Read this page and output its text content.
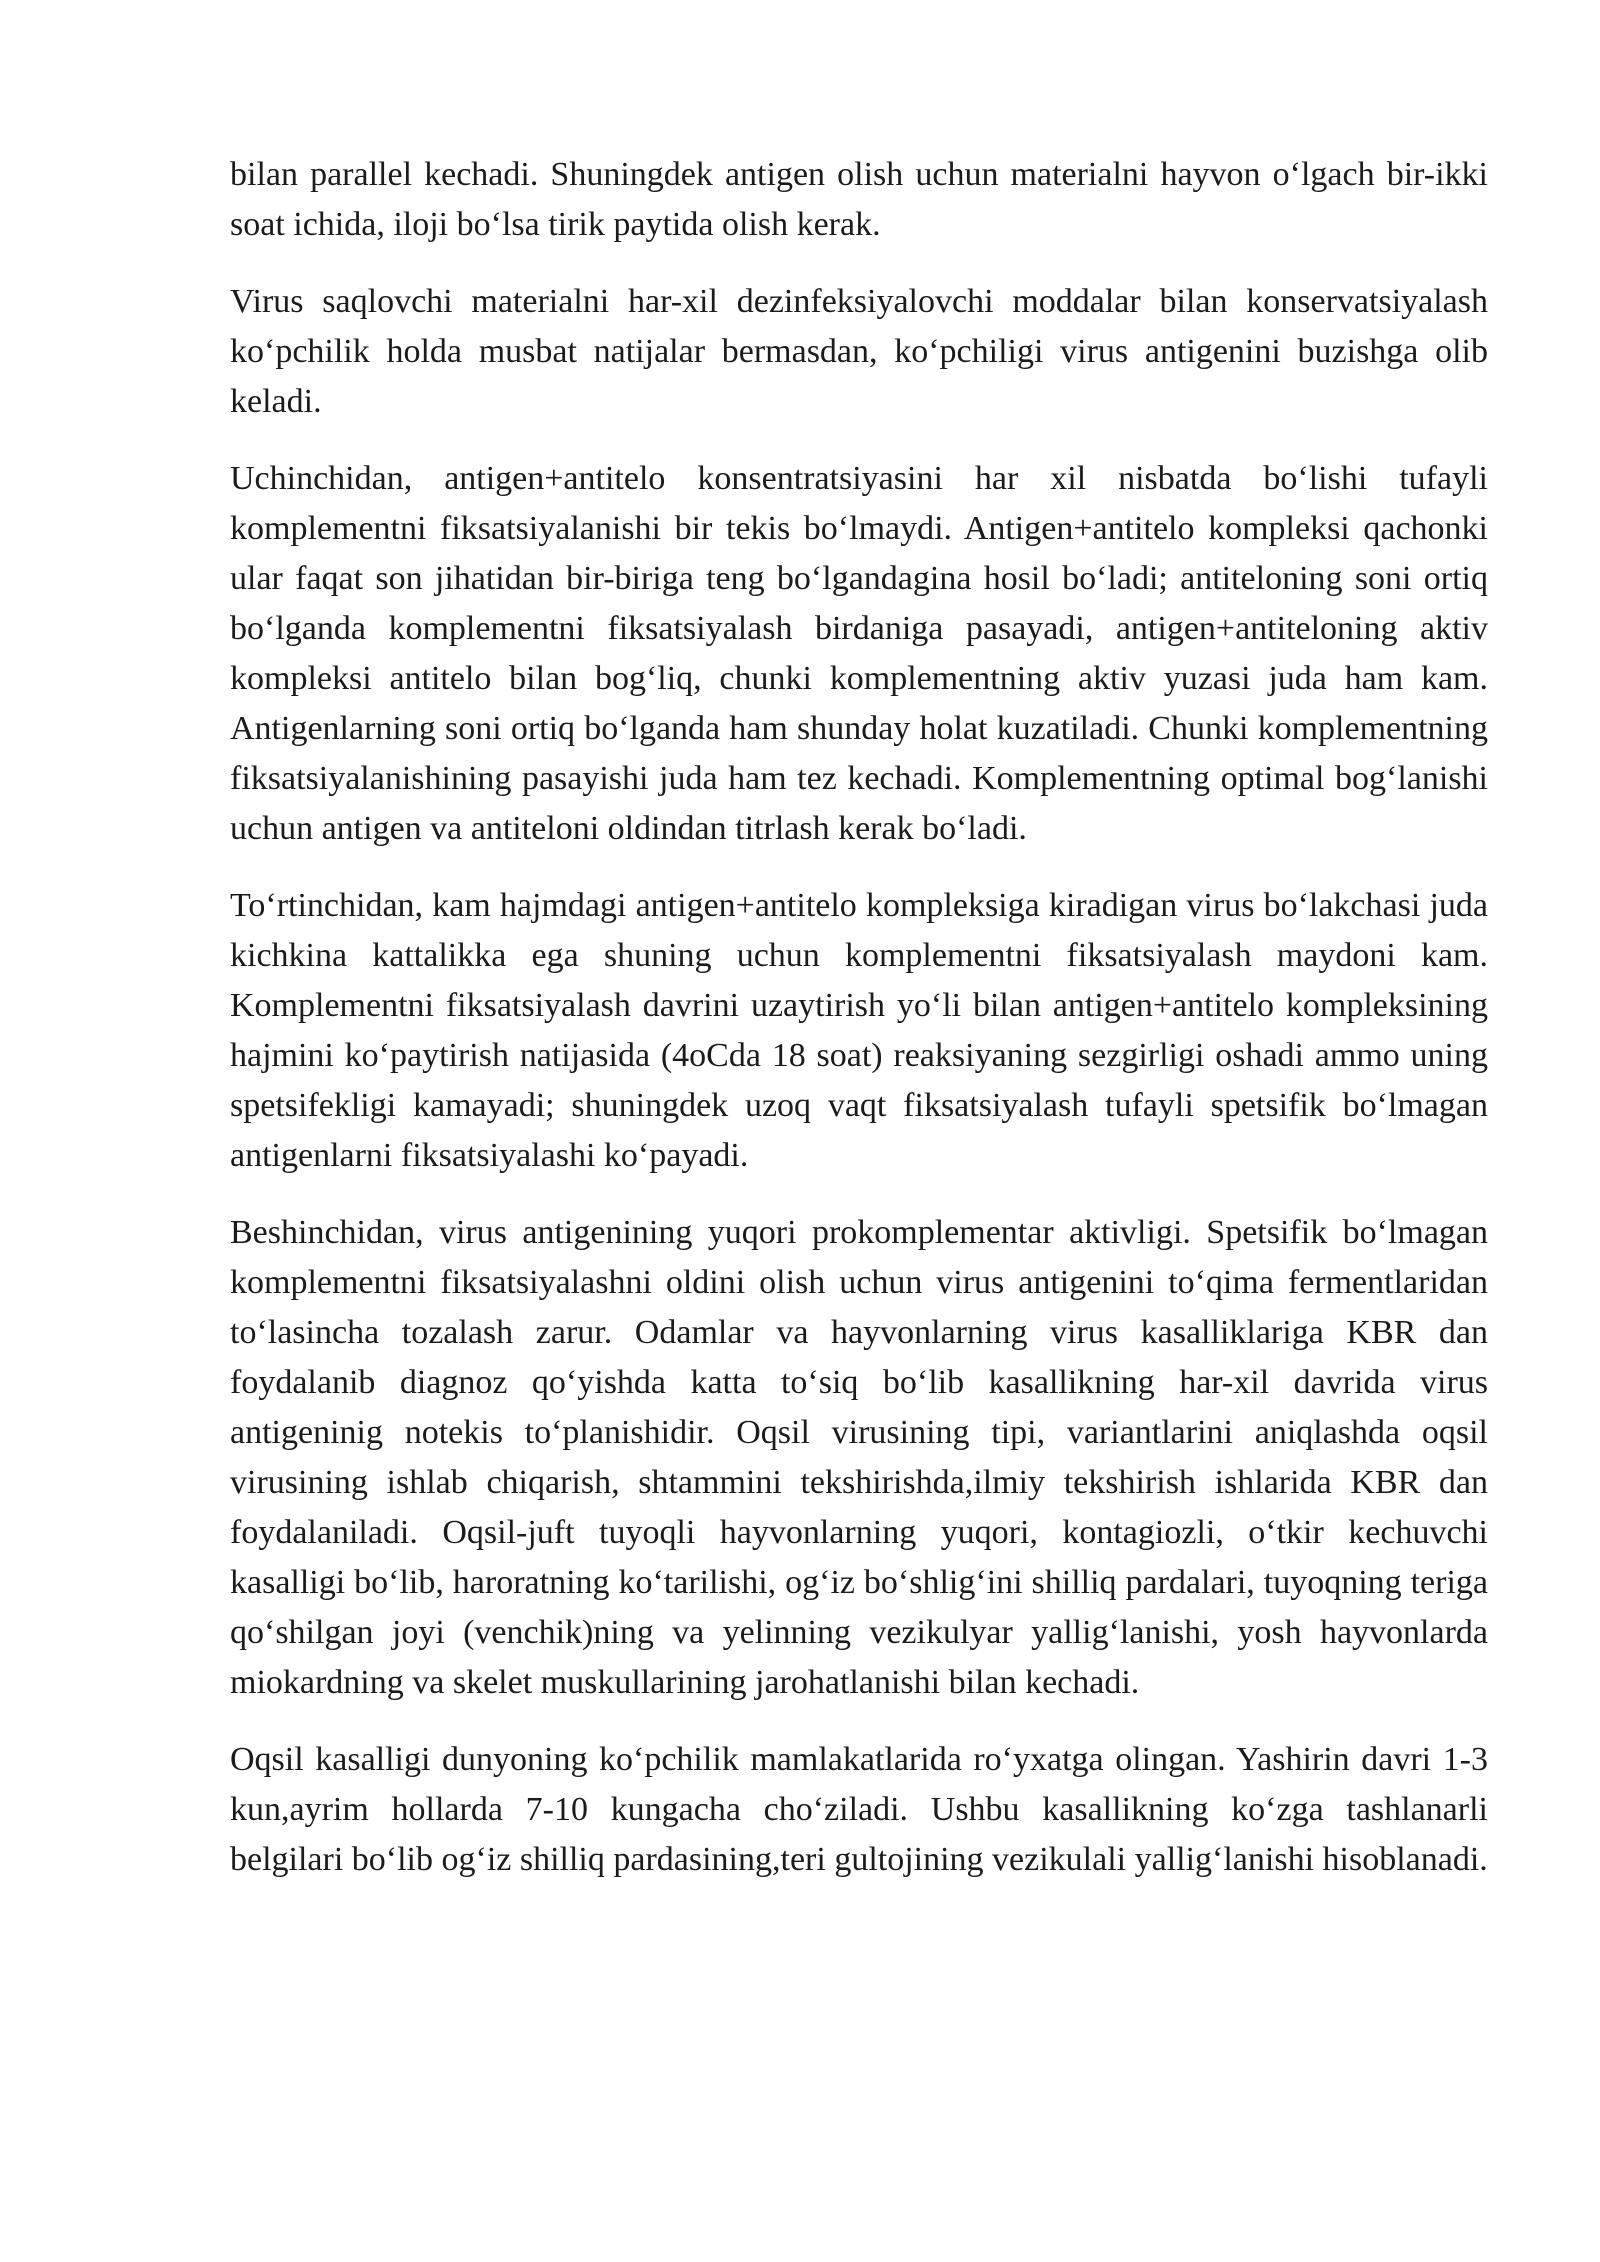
bilan parallel kechadi. Shuningdek antigen olish uchun materialni hayvon o‘lgach bir-ikki soat ichida, iloji bo‘lsa tirik paytida olish kerak.

Virus saqlovchi materialni har-xil dezinfeksiyalovchi moddalar bilan konservatsiyalash ko‘pchilik holda musbat natijalar bermasdan, ko‘pchiligi virus antigenini buzishga olib keladi.

Uchinchidan, antigen+antitelo konsentratsiyasini har xil nisbatda bo‘lishi tufayli komplementni fiksatsiyalanishi bir tekis bo‘lmaydi. Antigen+antitelo kompleksi qachonki ular faqat son jihatidan bir-biriga teng bo‘lgandagina hosil bo‘ladi; antiteloning soni ortiq bo‘lganda komplementni fiksatsiyalash birdaniga pasayadi, antigen+antiteloning aktiv kompleksi antitelo bilan bog‘liq, chunki komplementning aktiv yuzasi juda ham kam. Antigenlarning soni ortiq bo‘lganda ham shunday holat kuzatiladi. Chunki komplementning fiksatsiyalanishining pasayishi juda ham tez kechadi. Komplementning optimal bog‘lanishi uchun antigen va antiteloni oldindan titrlash kerak bo‘ladi.

To‘rtinchidan, kam hajmdagi antigen+antitelo kompleksiga kiradigan virus bo‘lakchasi juda kichkina kattalikka ega shuning uchun komplementni fiksatsiyalash maydoni kam. Komplementni fiksatsiyalash davrini uzaytirish yo‘li bilan antigen+antitelo kompleksining hajmini ko‘paytirish natijasida (4oCda 18 soat) reaksiyaning sezgirligi oshadi ammo uning spetsifekligi kamayadi; shuningdek uzoq vaqt fiksatsiyalash tufayli spetsifik bo‘lmagan antigenlarni fiksatsiyalashi ko‘payadi.

Beshinchidan, virus antigenining yuqori prokomplementar aktivligi. Spetsifik bo‘lmagan komplementni fiksatsiyalashni oldini olish uchun virus antigenini to‘qima fermentlaridan to‘lasincha tozalash zarur. Odamlar va hayvonlarning virus kasalliklariga KBR dan foydalanib diagnoz qo‘yishda katta to‘siq bo‘lib kasallikning har-xil davrida virus antigeninig notekis to‘planishidir. Oqsil virusining tipi, variantlarini aniqlashda oqsil virusining ishlab chiqarish, shtammini tekshirishda,ilmiy tekshirish ishlarida KBR dan foydalaniladi. Oqsil-juft tuyoqli hayvonlarning yuqori, kontagiozli, o‘tkir kechuvchi kasalligi bo‘lib, haroratning ko‘tarilishi, og‘iz bo‘shlig‘ini shilliq pardalari, tuyoqning teriga qo‘shilgan joyi (venchik)ning va yelinning vezikulyar yallig‘lanishi, yosh hayvonlarda miokardning va skelet muskullarining jarohatlanishi bilan kechadi.

Oqsil kasalligi dunyoning ko‘pchilik mamlakatlarida ro‘yxatga olingan. Yashirin davri 1-3 kun,ayrim hollarda 7-10 kungacha cho‘ziladi. Ushbu kasallikning ko‘zga tashlanarli belgilari bo‘lib og‘iz shilliq pardasining,teri gultojining vezikulali yallig‘lanishi hisoblanadi.
